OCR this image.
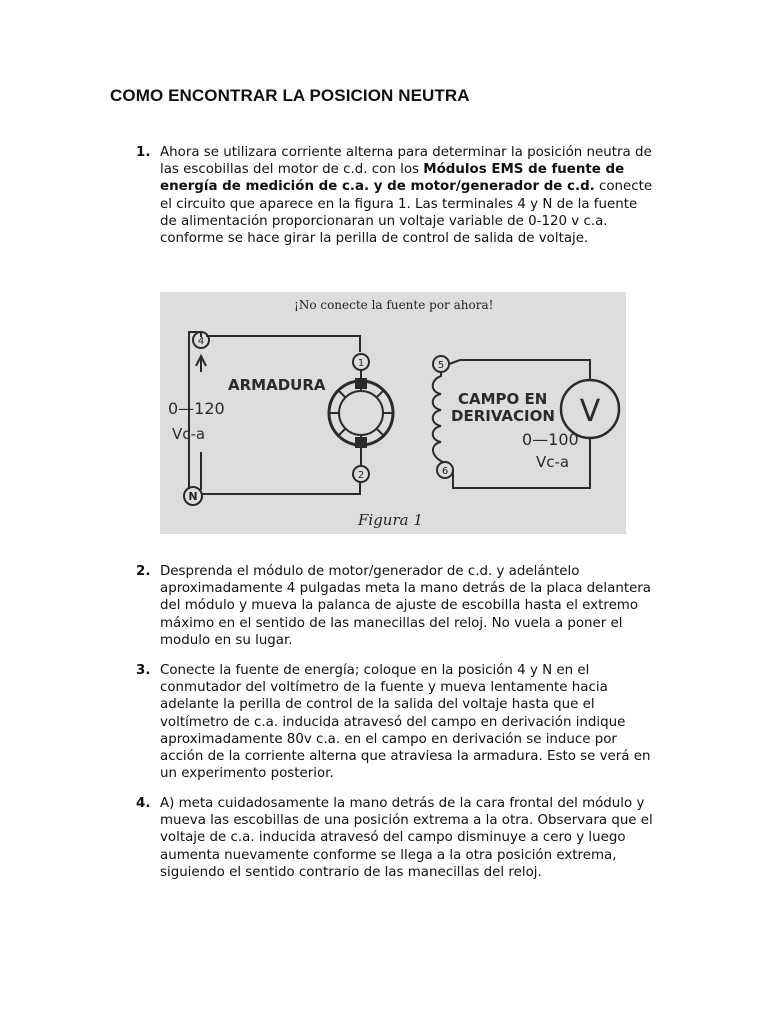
COMO ENCONTRAR LA POSICION NEUTRA
1. Ahora se utilizara corriente alterna para determinar la posición neutra de las escobillas del motor de c.d. con los Módulos EMS de fuente de energía de medición de c.a. y de motor/generador de c.d. conecte el circuito que aparece en la figura 1. Las terminales 4 y N de la fuente de alimentación proporcionaran un voltaje variable de 0-120 v c.a. conforme se hace girar la perilla de control de salida de voltaje.
¡No conecte la fuente por ahora!
4
N
1
2
ARMADURA
0—120
Vc-a
5
6
V
CAMPO EN
DERIVACION
0—100
Vc-a
Figura 1
2. Desprenda el módulo de motor/generador de c.d. y adelántelo aproximadamente 4 pulgadas meta la mano detrás de la placa delantera del módulo y mueva la palanca de ajuste de escobilla hasta el extremo máximo en el sentido de las manecillas del reloj. No vuela a poner el modulo en su lugar.
3. Conecte la fuente de energía; coloque en la posición 4 y N en el conmutador del voltímetro de la fuente y mueva lentamente hacia adelante la perilla de control de la salida del voltaje hasta que el voltímetro de c.a. inducida atravesó del campo en derivación indique aproximadamente 80v c.a. en el campo en derivación se induce por acción de la corriente alterna que atraviesa la armadura. Esto se verá en un experimento posterior.
4. A) meta cuidadosamente la mano detrás de la cara frontal del módulo y mueva las escobillas de una posición extrema a la otra. Observara que el voltaje de c.a. inducida atravesó del campo disminuye a cero y luego aumenta nuevamente conforme se llega a la otra posición extrema, siguiendo el sentido contrario de las manecillas del reloj.
